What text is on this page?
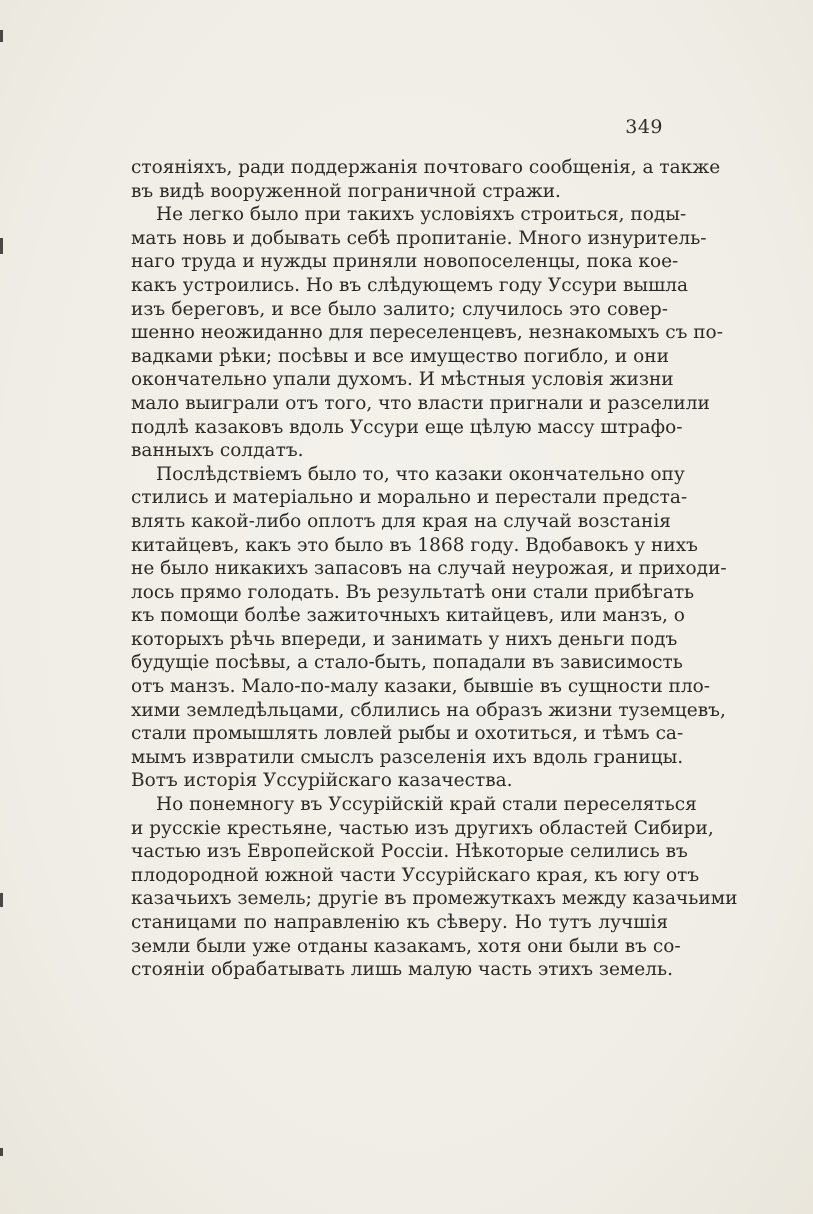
349
стояніяхъ, ради поддержанія почтоваго сообщенія, а также
въ видѣ вооруженной пограничной стражи.
Не легко было при такихъ условіяхъ строиться, поды-
мать новь и добывать себѣ пропитаніе. Много изнуритель-
наго труда и нужды приняли новопоселенцы, пока кое-
какъ устроились. Но въ слѣдующемъ году Уссури вышла
изъ береговъ, и все было залито; случилось это совер-
шенно неожиданно для переселенцевъ, незнакомыхъ съ по-
вадками рѣки; посѣвы и все имущество погибло, и они
окончательно упали духомъ. И мѣстныя условія жизни
мало выиграли отъ того, что власти пригнали и разселили
подлѣ казаковъ вдоль Уссури еще цѣлую массу штрафо-
ванныхъ солдатъ.
Послѣдствіемъ было то, что казаки окончательно опу
стились и матеріально и морально и перестали предста-
влять какой-либо оплотъ для края на случай возстанія
китайцевъ, какъ это было въ 1868 году. Вдобавокъ у нихъ
не было никакихъ запасовъ на случай неурожая, и приходи-
лось прямо голодать. Въ результатѣ они стали прибѣгать
къ помощи болѣе зажиточныхъ китайцевъ, или манзъ, о
которыхъ рѣчь впереди, и занимать у нихъ деньги подъ
будущіе посѣвы, а стало-быть, попадали въ зависимость
отъ манзъ. Мало-по-малу казаки, бывшіе въ сущности пло-
хими земледѣльцами, сблились на образъ жизни туземцевъ,
стали промышлять ловлей рыбы и охотиться, и тѣмъ са-
мымъ извратили смыслъ разселенія ихъ вдоль границы.
Вотъ исторія Уссурійскаго казачества.
Но понемногу въ Уссурійскій край стали переселяться
и русскіе крестьяне, частью изъ другихъ областей Сибири,
частью изъ Европейской Россіи. Нѣкоторые селились въ
плодородной южной части Уссурійскаго края, къ югу отъ
казачьихъ земель; другіе въ промежуткахъ между казачьими
станицами по направленію къ сѣверу. Но тутъ лучшія
земли были уже отданы казакамъ, хотя они были въ со-
стояніи обрабатывать лишь малую часть этихъ земель.
